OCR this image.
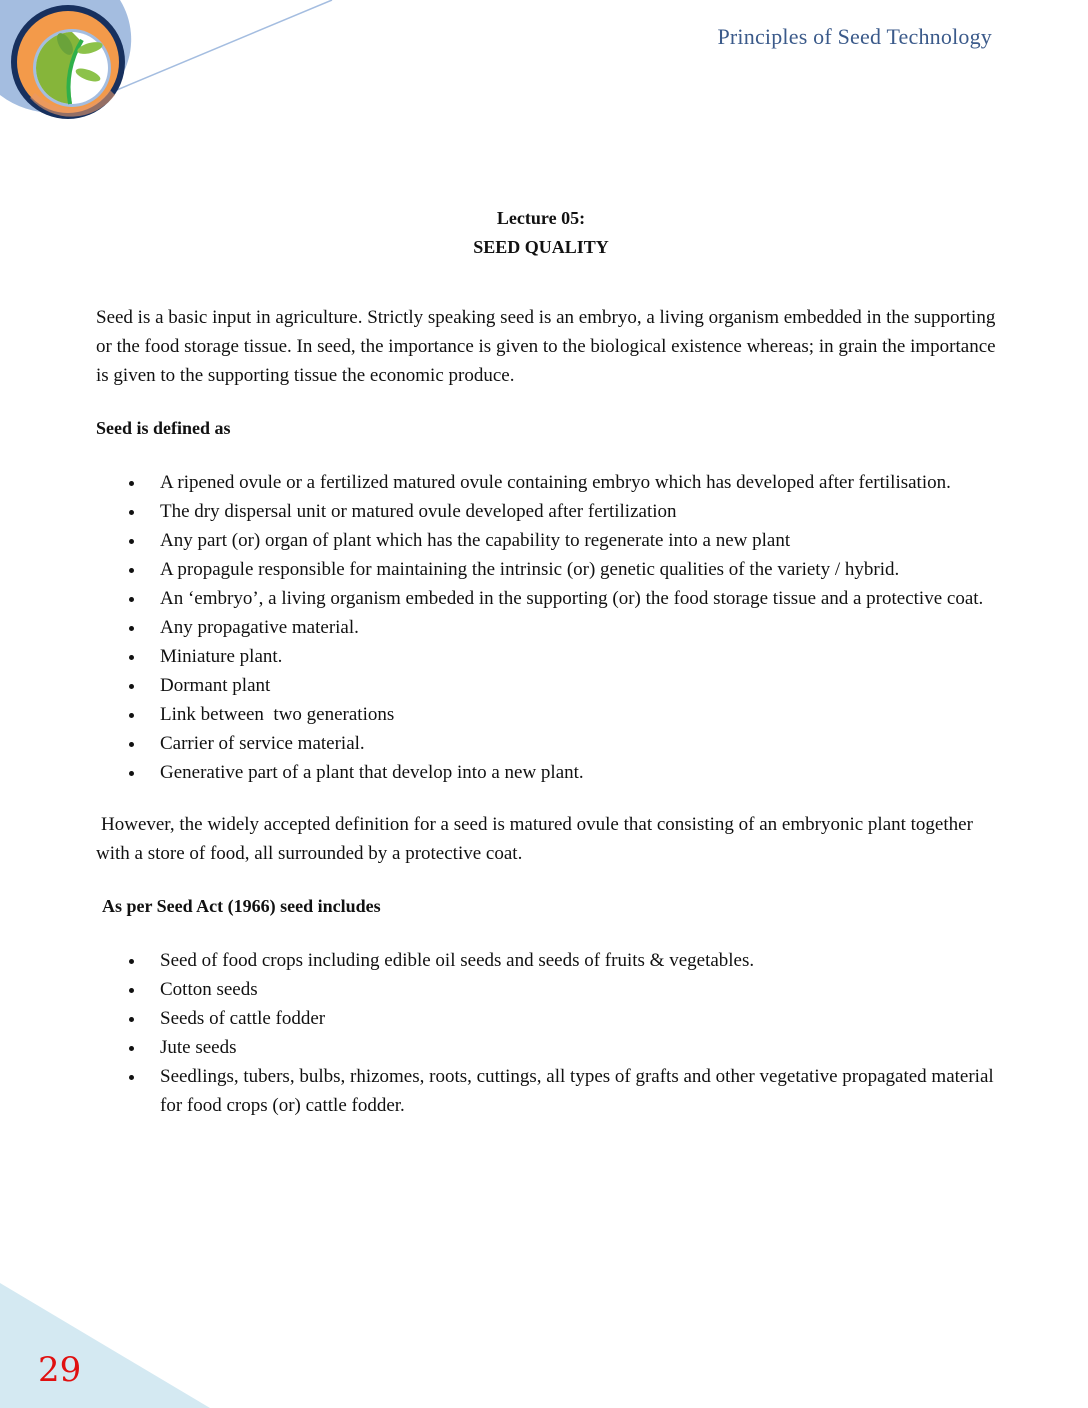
Principles of Seed Technology
Lecture 05:
SEED QUALITY

Seed is a basic input in agriculture. Strictly speaking seed is an embryo, a living organism embedded in the supporting or the food storage tissue. In seed, the importance is given to the biological existence whereas; in grain the importance is given to the supporting tissue the economic produce.

Seed is defined as
A ripened ovule or a fertilized matured ovule containing embryo which has developed after fertilisation.
The dry dispersal unit or matured ovule developed after fertilization
Any part (or) organ of plant which has the capability to regenerate into a new plant
A propagule responsible for maintaining the intrinsic (or) genetic qualities of the variety / hybrid.
An ‘embryo’, a living organism embeded in the supporting (or) the food storage tissue and a protective coat.
Any propagative material.
Miniature plant.
Dormant plant
Link between  two generations
Carrier of service material.
Generative part of a plant that develop into a new plant.

However, the widely accepted definition for a seed is matured ovule that consisting of an embryonic plant together with a store of food, all surrounded by a protective coat.

As per Seed Act (1966) seed includes
Seed of food crops including edible oil seeds and seeds of fruits & vegetables.
Cotton seeds
Seeds of cattle fodder
Jute seeds
Seedlings, tubers, bulbs, rhizomes, roots, cuttings, all types of grafts and other vegetative propagated material for food crops (or) cattle fodder.
29
